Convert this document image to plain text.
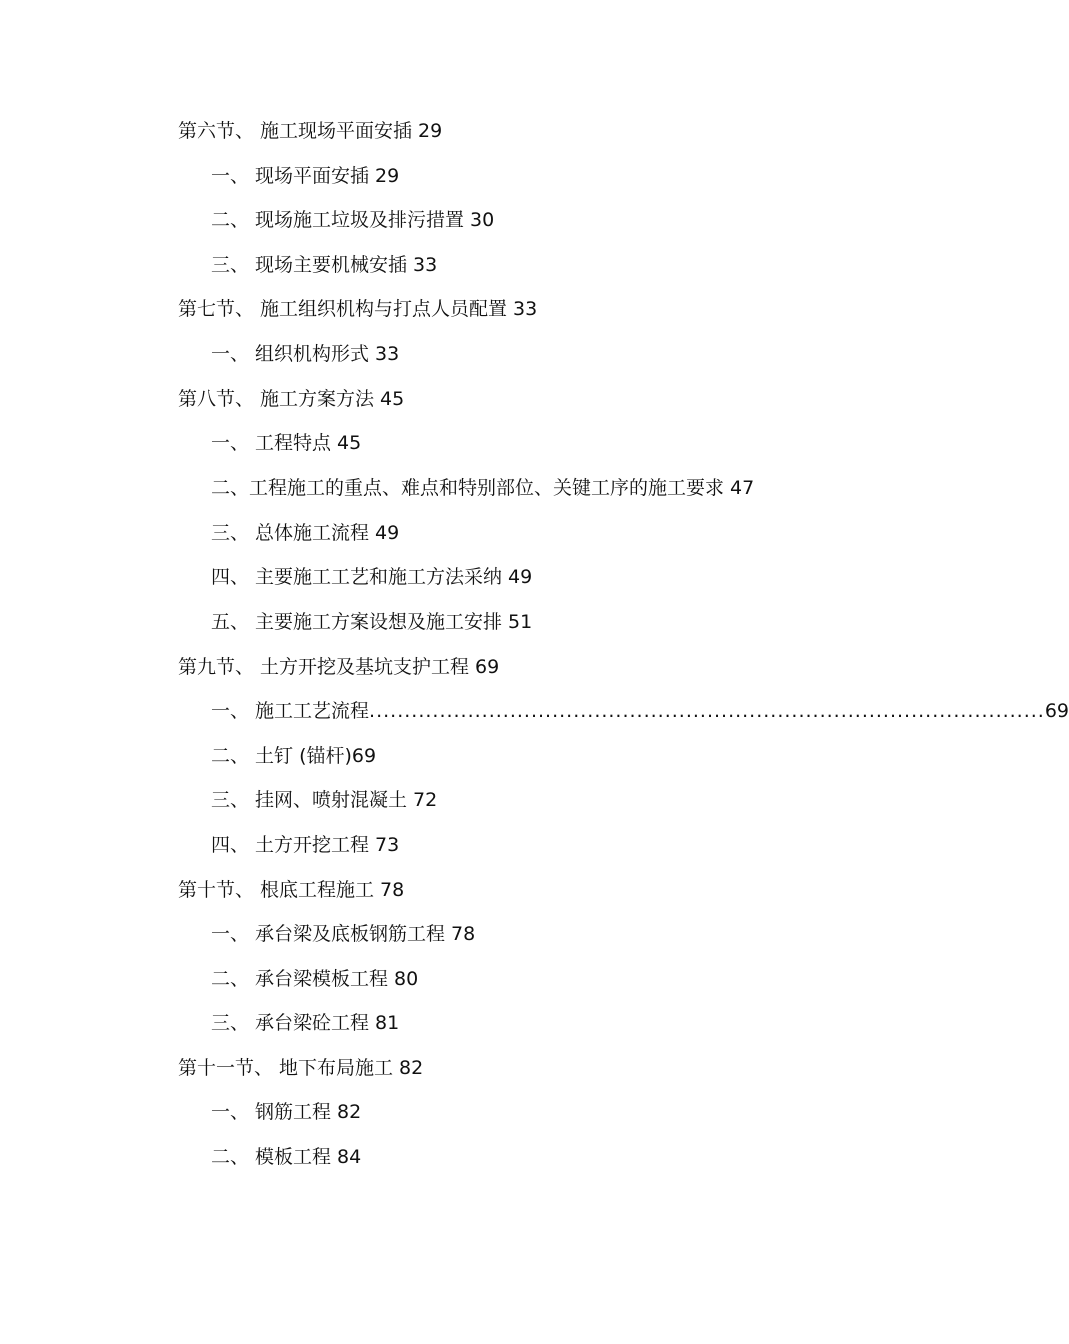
第六节、 施工现场平面安插 29
一、 现场平面安插 29
二、 现场施工垃圾及排污措置 30
三、 现场主要机械安插 33
第七节、 施工组织机构与打点人员配置 33
一、 组织机构形式 33
第八节、 施工方案方法 45
一、 工程特点 45
二、工程施工的重点、难点和特别部位、关键工序的施工要求 47
三、 总体施工流程 49
四、 主要施工工艺和施工方法采纳 49
五、 主要施工方案设想及施工安排 51
第九节、 土方开挖及基坑支护工程 69
一、 施工工艺流程 ................................................................................................ 69
二、 土钉 (锚杆)69
三、 挂网、喷射混凝土 72
四、 土方开挖工程 73
第十节、 根底工程施工 78
一、 承台梁及底板钢筋工程 78
二、 承台梁模板工程 80
三、 承台梁砼工程 81
第十一节、 地下布局施工 82
一、 钢筋工程 82
二、 模板工程 84
